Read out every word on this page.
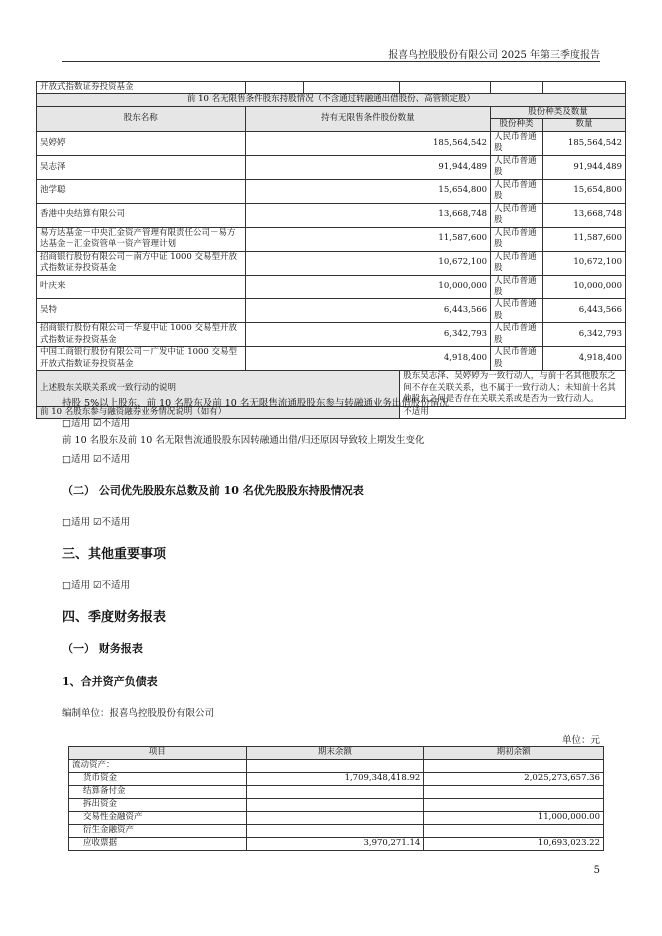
报喜鸟控股股份有限公司 2025 年第三季度报告
开放式指数证券投资基金					
前 10 名无限售条件股东持股情况（不含通过转融通出借股份、高管锁定股）					
股东名称	持有无限售条件股份数量			股份种类及数量	
				股份种类	数量
吴婷婷	185,564,542			人民币普通股	185,564,542
吴志泽	91,944,489			人民币普通股	91,944,489
池学聪	15,654,800			人民币普通股	15,654,800
香港中央结算有限公司	13,668,748			人民币普通股	13,668,748
易方达基金－中央汇金资产管理有限责任公司－易方达基金－汇金资管单一资产管理计划	11,587,600			人民币普通股	11,587,600
招商银行股份有限公司－南方中证 1000 交易型开放式指数证券投资基金	10,672,100			人民币普通股	10,672,100
叶庆来	10,000,000			人民币普通股	10,000,000
吴特	6,443,566			人民币普通股	6,443,566
招商银行股份有限公司－华夏中证 1000 交易型开放式指数证券投资基金	6,342,793			人民币普通股	6,342,793
中国工商银行股份有限公司－广发中证 1000 交易型开放式指数证券投资基金	4,918,400			人民币普通股	4,918,400
上述股东关联关系或一致行动的说明			股东吴志泽、吴婷婷为一致行动人，与前十名其他股东之间不存在关联关系，也不属于一致行动人；未知前十名其他股东之间是否存在关联关系或是否为一致行动人。		
前 10 名股东参与融资融券业务情况说明（如有）			不适用		
持股 5%以上股东、前 10 名股东及前 10 名无限售流通股股东参与转融通业务出借股份情况
□适用 ☑不适用
前 10 名股东及前 10 名无限售流通股股东因转融通出借/归还原因导致较上期发生变化
□适用 ☑不适用
（二） 公司优先股股东总数及前 10 名优先股股东持股情况表
□适用 ☑不适用
三、其他重要事项
□适用 ☑不适用
四、季度财务报表
（一） 财务报表
1、合并资产负债表
编制单位：报喜鸟控股股份有限公司
单位：元
项目	期末余额	期初余额
流动资产：		
货币资金	1,709,348,418.92	2,025,273,657.36
结算备付金		
拆出资金		
交易性金融资产		11,000,000.00
衍生金融资产		
应收票据	3,970,271.14	10,693,023.22
5
